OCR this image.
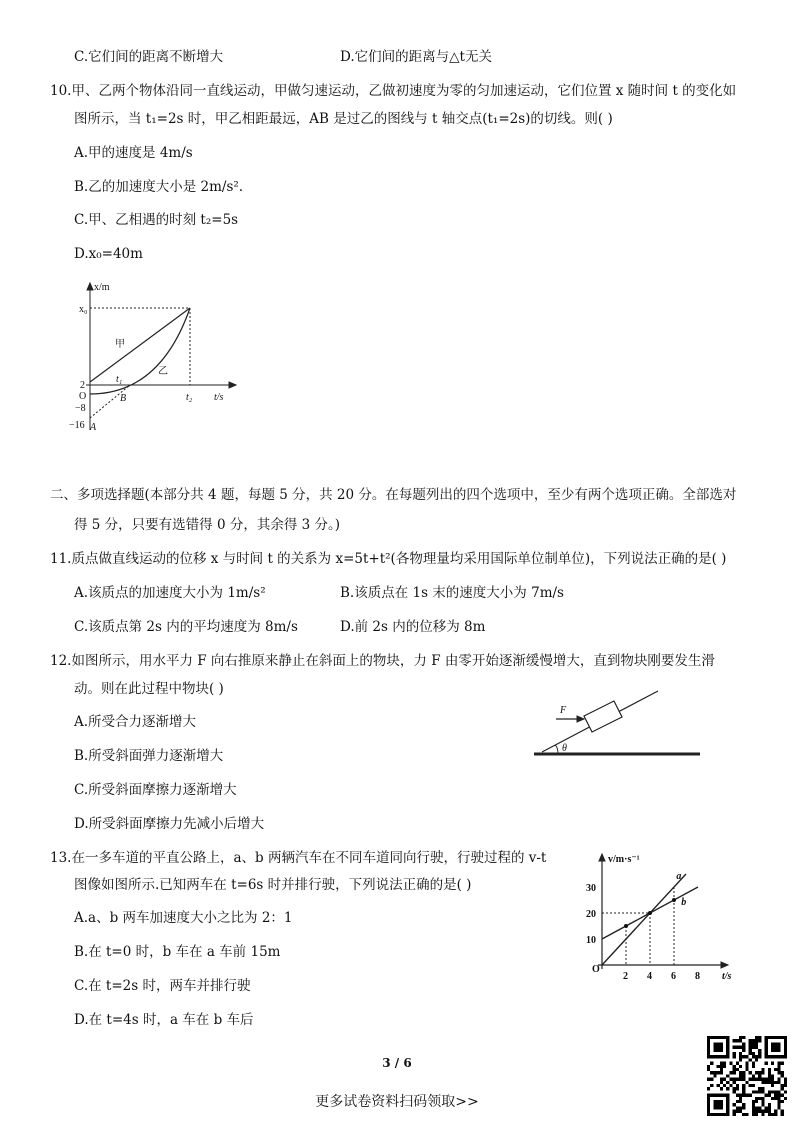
C.它们间的距离不断增大	D.它们间的距离与△t无关
10.甲、乙两个物体沿同一直线运动，甲做匀速运动，乙做初速度为零的匀加速运动，它们位置 x 随时间 t 的变化如
图所示，当 t₁=2s 时，甲乙相距最远，AB 是过乙的图线与 t 轴交点(t₁=2s)的切线。则( )
A.甲的速度是 4m/s
B.乙的加速度大小是 2m/s².
C.甲、乙相遇的时刻 t₂=5s
D.x₀=40m
x/m
x₀
2
O
−8
−16
甲
乙
t₁
t₂ t/s
A
B
二、多项选择题(本部分共 4 题，每题 5 分，共 20 分。在每题列出的四个选项中，至少有两个选项正确。全部选对
得 5 分，只要有选错得 0 分，其余得 3 分。)
11.质点做直线运动的位移 x 与时间 t 的关系为 x=5t+t²(各物理量均采用国际单位制单位)，下列说法正确的是( )
A.该质点的加速度大小为 1m/s²	B.该质点在 1s 末的速度大小为 7m/s
C.该质点第 2s 内的平均速度为 8m/s	D.前 2s 内的位移为 8m
12.如图所示，用水平力 F 向右推原来静止在斜面上的物块，力 F 由零开始逐渐缓慢增大，直到物块刚要发生滑
动。则在此过程中物块( )
A.所受合力逐渐增大
B.所受斜面弹力逐渐增大
C.所受斜面摩擦力逐渐增大
D.所受斜面摩擦力先减小后增大
F
θ
13.在一多车道的平直公路上，a、b 两辆汽车在不同车道同向行驶，行驶过程的 v-t
图像如图所示.已知两车在 t=6s 时并排行驶，下列说法正确的是( )
A.a、b 两车加速度大小之比为 2：1
B.在 t=0 时，b 车在 a 车前 15m
C.在 t=2s 时，两车并排行驶
D.在 t=4s 时，a 车在 b 车后
v/m·s⁻¹
t/s
O
10
20
30
2 4 6 8
a
b
3 / 6
更多试卷资料扫码领取>>
